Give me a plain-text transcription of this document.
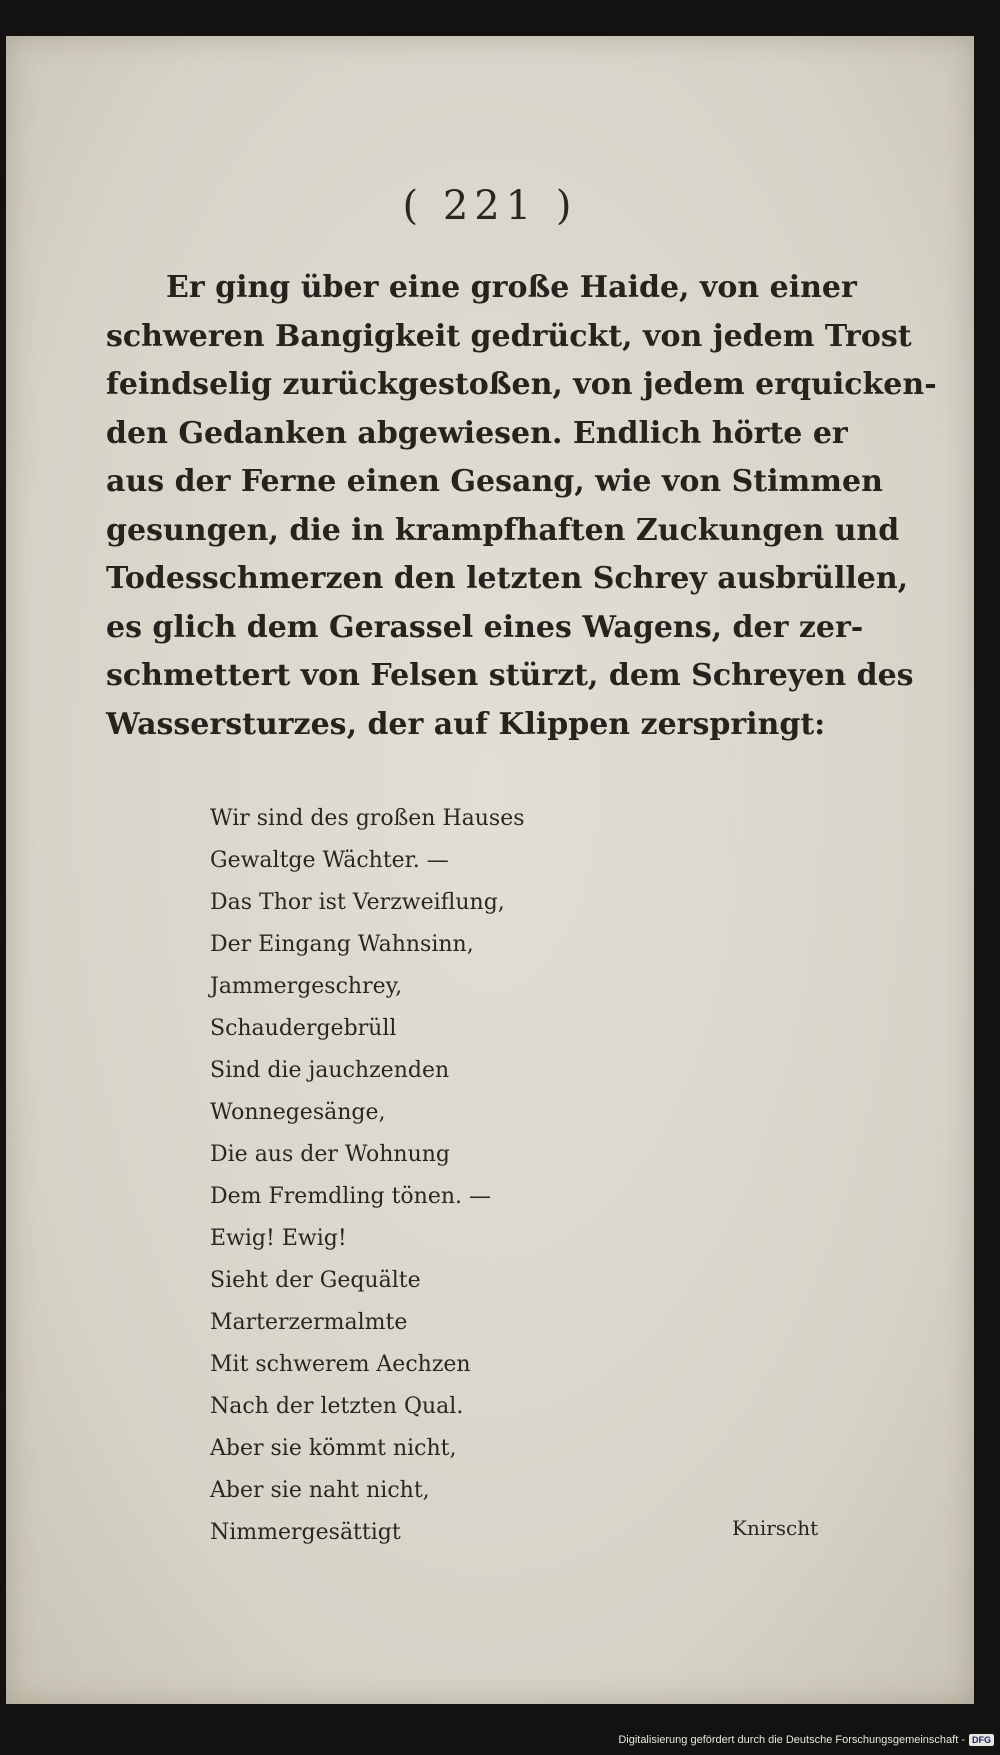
( 221 )
Er ging über eine große Haide, von einer
schweren Bangigkeit gedrückt, von jedem Trost
feindselig zurückgestoßen, von jedem erquicken-
den Gedanken abgewiesen. Endlich hörte er
aus der Ferne einen Gesang, wie von Stimmen
gesungen, die in krampfhaften Zuckungen und
Todesschmerzen den letzten Schrey ausbrüllen,
es glich dem Gerassel eines Wagens, der zer-
schmettert von Felsen stürzt, dem Schreyen des
Wassersturzes, der auf Klippen zerspringt:
Wir sind des großen Hauses
Gewaltge Wächter. —
Das Thor ist Verzweiflung,
Der Eingang Wahnsinn,
Jammergeschrey,
Schaudergebrüll
Sind die jauchzenden
Wonnegesänge,
Die aus der Wohnung
Dem Fremdling tönen. —
Ewig! Ewig!
Sieht der Gequälte
Marterzermalmte
Mit schwerem Aechzen
Nach der letzten Qual.
Aber sie kömmt nicht,
Aber sie naht nicht,
Nimmergesättigt	Knirscht
Digitalisierung gefördert durch die Deutsche Forschungsgemeinschaft - DFG
